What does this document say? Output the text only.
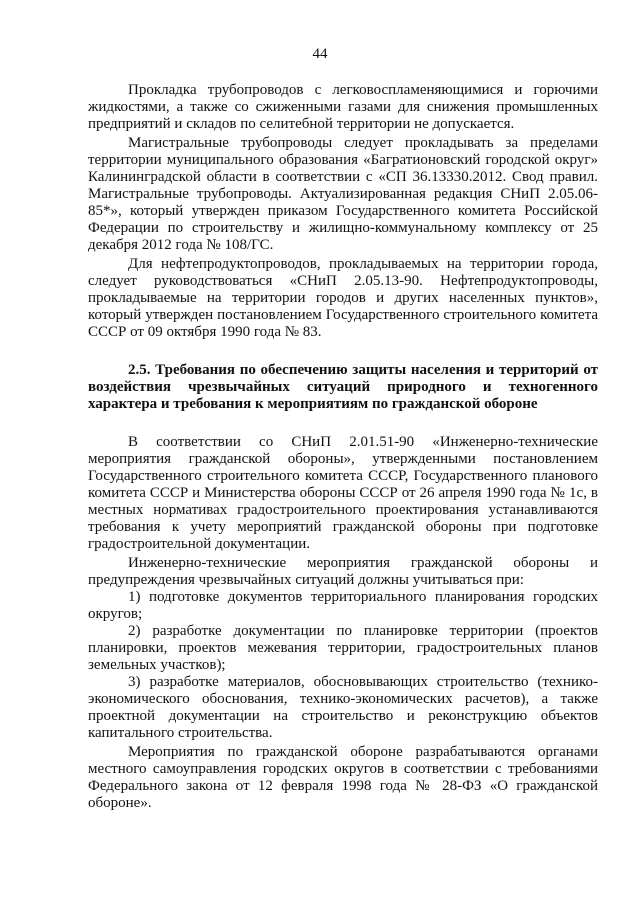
44

Прокладка трубопроводов с легковоспламеняющимися и горючими жидкостями, а также со сжиженными газами для снижения промышленных предприятий и складов по селитебной территории не допускается.

Магистральные трубопроводы следует прокладывать за пределами территории муниципального образования «Багратионовский городской округ» Калининградской области в соответствии с «СП 36.13330.2012. Свод правил. Магистральные трубопроводы. Актуализированная редакция СНиП 2.05.06-85*», который утвержден приказом Государственного комитета Российской Федерации по строительству и жилищно-коммунальному комплексу от 25 декабря 2012 года № 108/ГС.

Для нефтепродуктопроводов, прокладываемых на территории города, следует руководствоваться «СНиП 2.05.13-90. Нефтепродуктопроводы, прокладываемые на территории городов и других населенных пунктов», который утвержден постановлением Государственного строительного комитета СССР от 09 октября 1990 года № 83.

2.5. Требования по обеспечению защиты населения и территорий от воздействия чрезвычайных ситуаций природного и техногенного характера и требования к мероприятиям по гражданской обороне

В соответствии со СНиП 2.01.51-90 «Инженерно-технические мероприятия гражданской обороны», утвержденными постановлением Государственного строительного комитета СССР, Государственного планового комитета СССР и Министерства обороны СССР от 26 апреля 1990 года № 1с, в местных нормативах градостроительного проектирования устанавливаются требования к учету мероприятий гражданской обороны при подготовке градостроительной документации.

Инженерно-технические мероприятия гражданской обороны и предупреждения чрезвычайных ситуаций должны учитываться при:

1) подготовке документов территориального планирования городских округов;
2) разработке документации по планировке территории (проектов планировки, проектов межевания территории, градостроительных планов земельных участков);
3) разработке материалов, обосновывающих строительство (технико-экономического обоснования, технико-экономических расчетов), а также проектной документации на строительство и реконструкцию объектов капитального строительства.

Мероприятия по гражданской обороне разрабатываются органами местного самоуправления городских округов в соответствии с требованиями Федерального закона от 12 февраля 1998 года № 28-ФЗ «О гражданской обороне».
